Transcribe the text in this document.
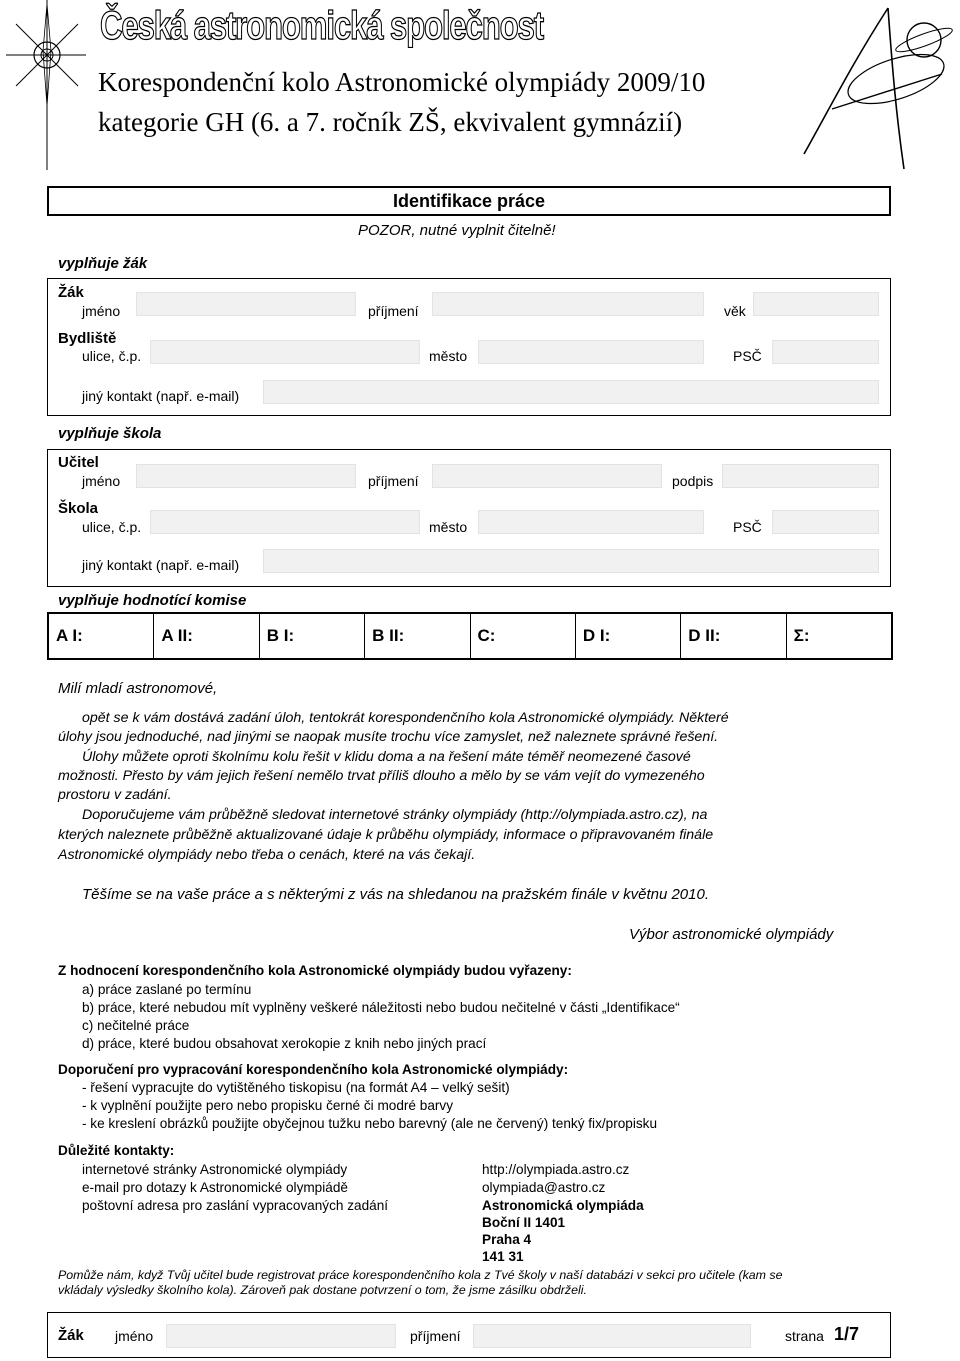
Česká astronomická společnost
Korespondenční kolo Astronomické olympiády 2009/10
kategorie GH (6. a 7. ročník ZŠ, ekvivalent gymnázií)
Identifikace práce
POZOR, nutné vyplnit čitelně!
vyplňuje žák
Žák
jméno	příjmení	věk
Bydliště
ulice, č.p.	město	PSČ
jiný kontakt (např. e-mail)
vyplňuje škola
Učitel
jméno	příjmení	podpis
Škola
ulice, č.p.	město	PSČ
jiný kontakt (např. e-mail)
vyplňuje hodnotící komise
A I:	A II:	B I:	B II:	C:	D I:	D II:	Σ:
Milí mladí astronomové,
opět se k vám dostává zadání úloh, tentokrát korespondenčního kola Astronomické olympiády. Některé
úlohy jsou jednoduché, nad jinými se naopak musíte trochu více zamyslet, než naleznete správné řešení.
Úlohy můžete oproti školnímu kolu řešit v klidu doma a na řešení máte téměř neomezené časové
možnosti. Přesto by vám jejich řešení nemělo trvat příliš dlouho a mělo by se vám vejít do vymezeného
prostoru v zadání.
Doporučujeme vám průběžně sledovat internetové stránky olympiády (http://olympiada.astro.cz), na
kterých naleznete průběžně aktualizované údaje k průběhu olympiády, informace o připravovaném finále
Astronomické olympiády nebo třeba o cenách, které na vás čekají.
Těšíme se na vaše práce a s některými z vás na shledanou na pražském finále v květnu 2010.
Výbor astronomické olympiády
Z hodnocení korespondenčního kola Astronomické olympiády budou vyřazeny:
a) práce zaslané po termínu
b) práce, které nebudou mít vyplněny veškeré náležitosti nebo budou nečitelné v části „Identifikace“
c) nečitelné práce
d) práce, které budou obsahovat xerokopie z knih nebo jiných prací
Doporučení pro vypracování korespondenčního kola Astronomické olympiády:
- řešení vypracujte do vytištěného tiskopisu (na formát A4 – velký sešit)
- k vyplnění použijte pero nebo propisku černé či modré barvy
- ke kreslení obrázků použijte obyčejnou tužku nebo barevný (ale ne červený) tenký fix/propisku
Důležité kontakty:
internetové stránky Astronomické olympiády	http://olympiada.astro.cz
e-mail pro dotazy k Astronomické olympiádě	olympiada@astro.cz
poštovní adresa pro zaslání vypracovaných zadání	Astronomická olympiáda
Boční II 1401
Praha 4
141 31
Pomůže nám, když Tvůj učitel bude registrovat práce korespondenčního kola z Tvé školy v naší databázi v sekci pro učitele (kam se
vkládaly výsledky školního kola). Zároveň pak dostane potvrzení o tom, že jsme zásilku obdrželi.
Žák jméno	příjmení	strana 1/7
